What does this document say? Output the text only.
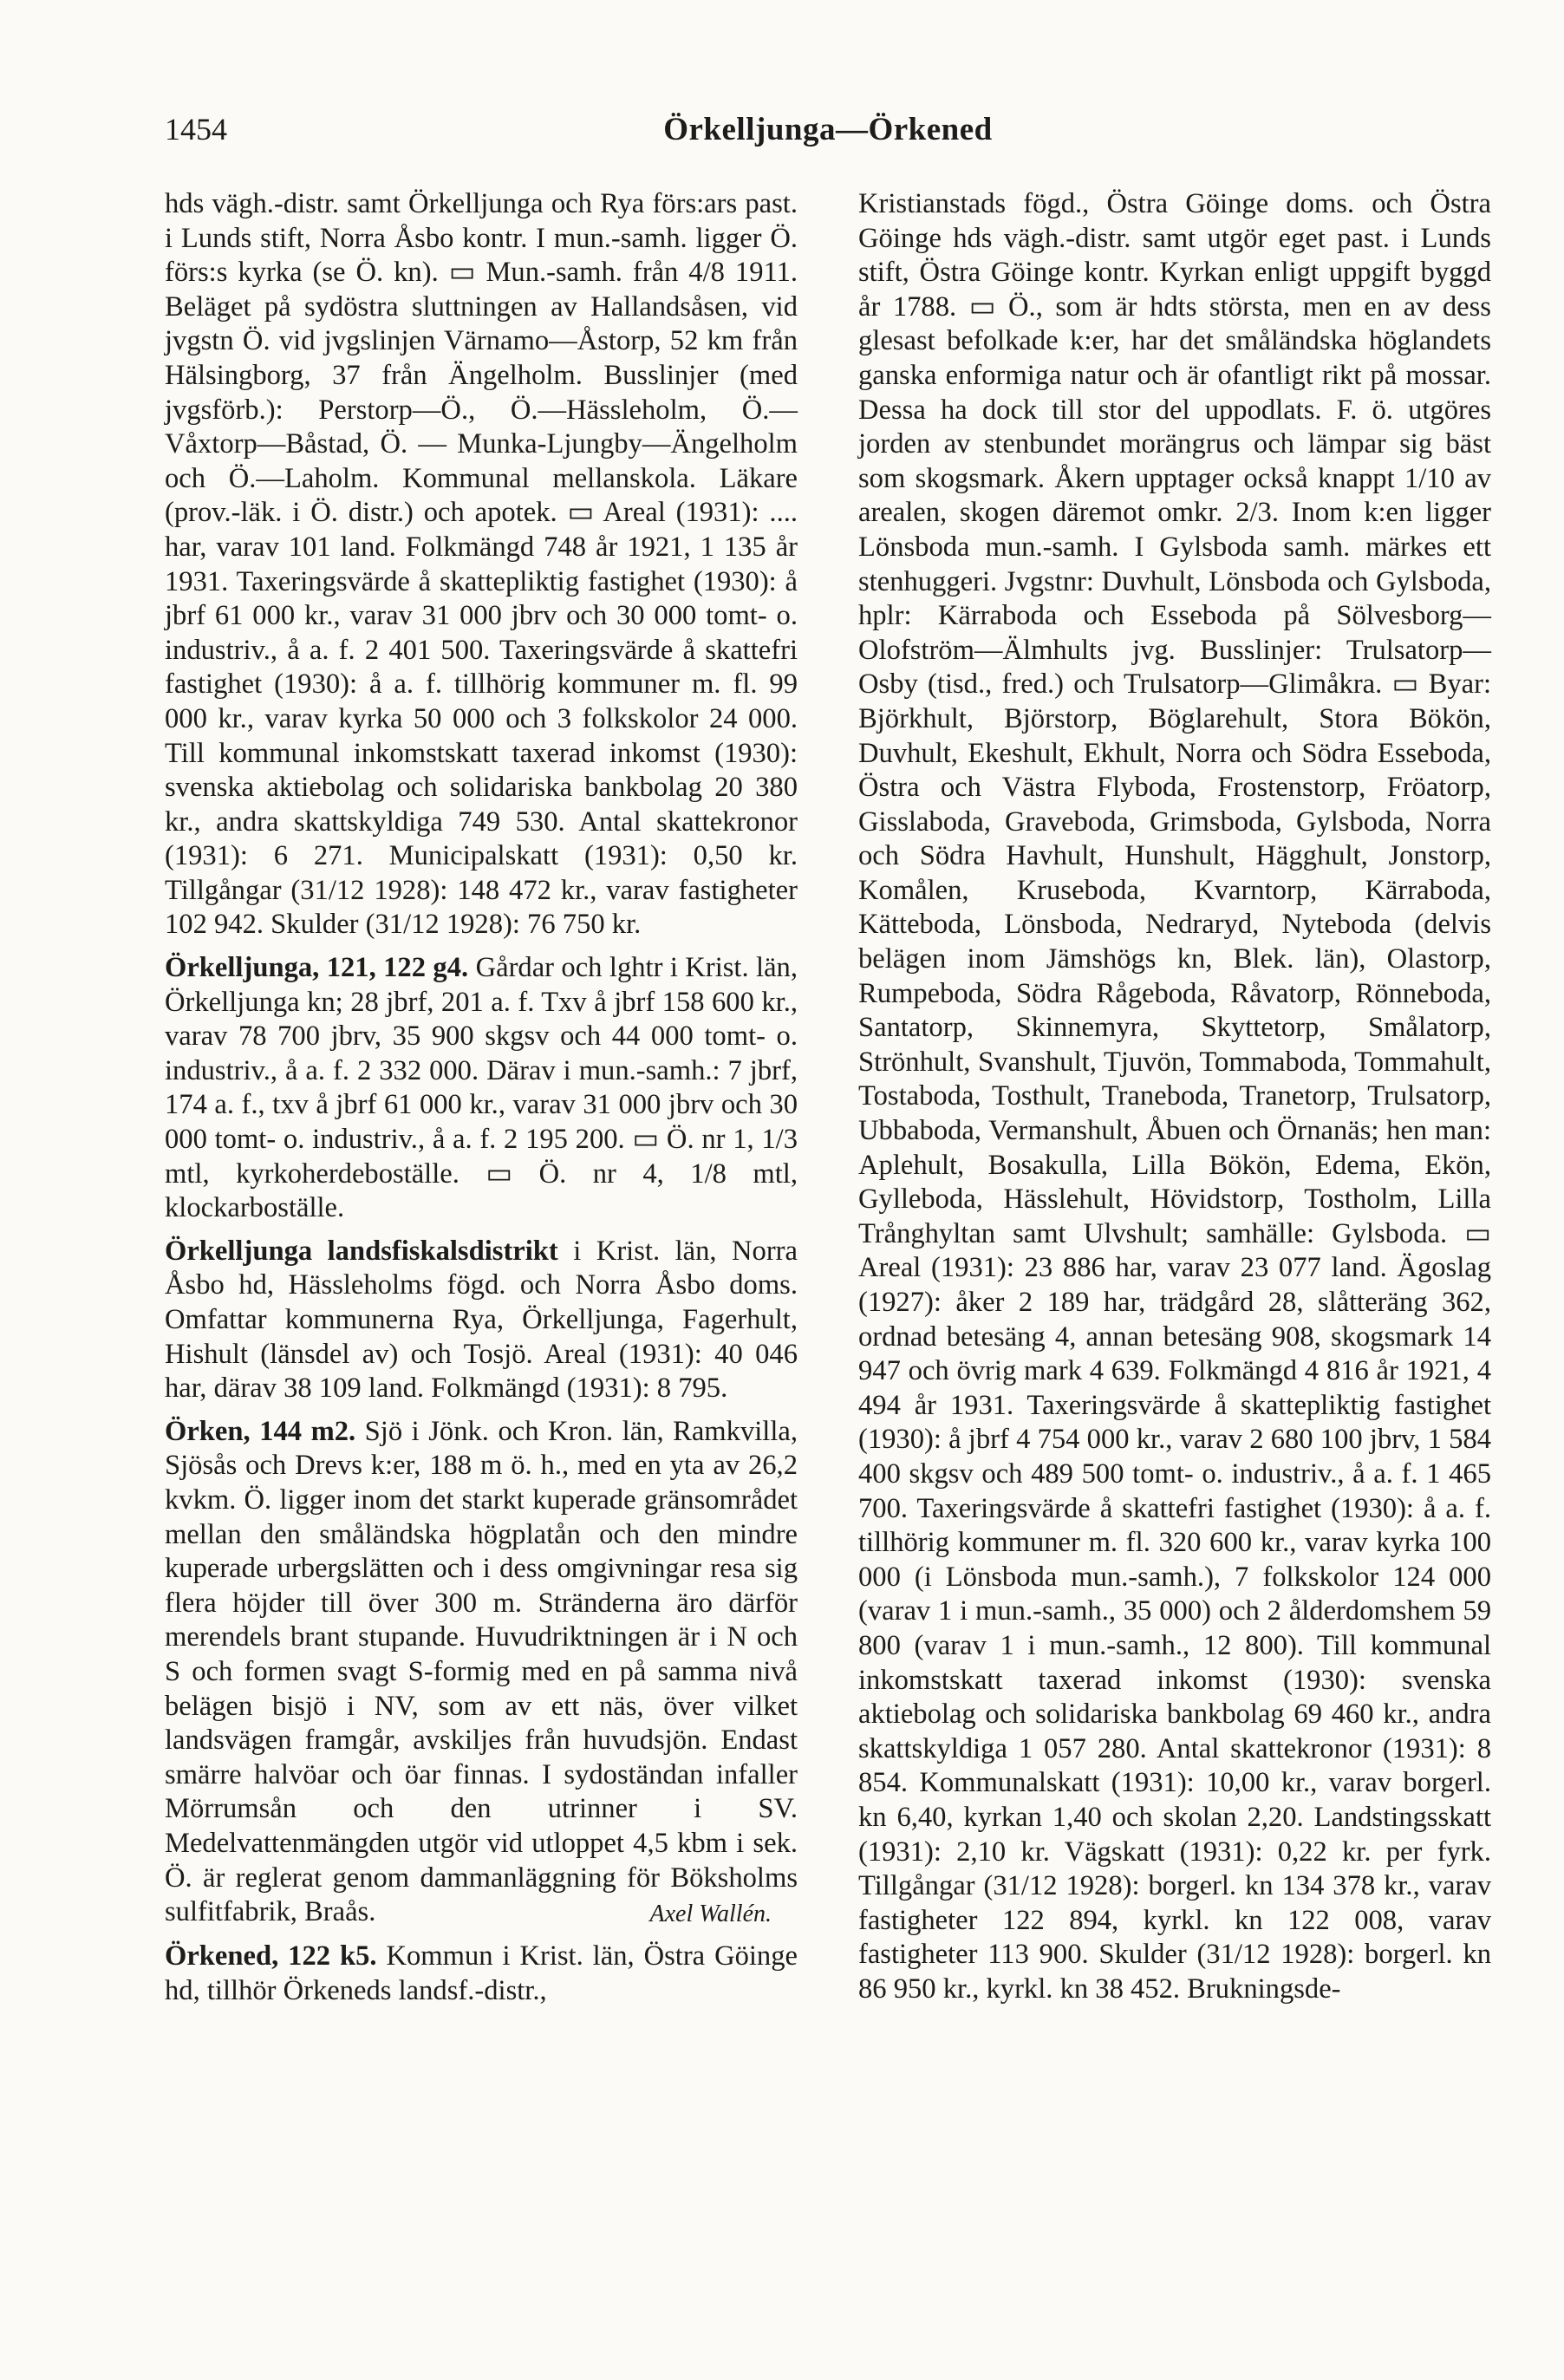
1454	Örkelljunga—Örkened

hds vägh.-distr. samt Örkelljunga och Rya förs:ars past. i Lunds stift, Norra Åsbo kontr. I mun.-samh. ligger Ö. förs:s kyrka (se Ö. kn). ▭ Mun.-samh. från 4/8 1911. Beläget på sydöstra sluttningen av Hallandsåsen, vid jvgstn Ö. vid jvgslinjen Värnamo—Åstorp, 52 km från Hälsingborg, 37 från Ängelholm. Busslinjer (med jvgsförb.): Perstorp—Ö., Ö.—Hässleholm, Ö.—Våxtorp—Båstad, Ö. — Munka-Ljungby—Ängelholm och Ö.—Laholm. Kommunal mellanskola. Läkare (prov.-läk. i Ö. distr.) och apotek. ▭ Areal (1931): .... har, varav 101 land. Folkmängd 748 år 1921, 1 135 år 1931. Taxeringsvärde å skattepliktig fastighet (1930): å jbrf 61 000 kr., varav 31 000 jbrv och 30 000 tomt- o. industriv., å a. f. 2 401 500. Taxeringsvärde å skattefri fastighet (1930): å a. f. tillhörig kommuner m. fl. 99 000 kr., varav kyrka 50 000 och 3 folkskolor 24 000. Till kommunal inkomstskatt taxerad inkomst (1930): svenska aktiebolag och solidariska bankbolag 20 380 kr., andra skattskyldiga 749 530. Antal skattekronor (1931): 6 271. Municipalskatt (1931): 0,50 kr. Tillgångar (31/12 1928): 148 472 kr., varav fastigheter 102 942. Skulder (31/12 1928): 76 750 kr.

Örkelljunga, 121, 122 g4. Gårdar och lghtr i Krist. län, Örkelljunga kn; 28 jbrf, 201 a. f. Txv å jbrf 158 600 kr., varav 78 700 jbrv, 35 900 skgsv och 44 000 tomt- o. industriv., å a. f. 2 332 000. Därav i mun.-samh.: 7 jbrf, 174 a. f., txv å jbrf 61 000 kr., varav 31 000 jbrv och 30 000 tomt- o. industriv., å a. f. 2 195 200. ▭ Ö. nr 1, 1/3 mtl, kyrkoherdeboställe. ▭ Ö. nr 4, 1/8 mtl, klockarboställe.

Örkelljunga landsfiskalsdistrikt i Krist. län, Norra Åsbo hd, Hässleholms fögd. och Norra Åsbo doms. Omfattar kommunerna Rya, Örkelljunga, Fagerhult, Hishult (länsdel av) och Tosjö. Areal (1931): 40 046 har, därav 38 109 land. Folkmängd (1931): 8 795.

Örken, 144 m2. Sjö i Jönk. och Kron. län, Ramkvilla, Sjösås och Drevs k:er, 188 m ö. h., med en yta av 26,2 kvkm. Ö. ligger inom det starkt kuperade gränsområdet mellan den småländska högplatån och den mindre kuperade urbergslätten och i dess omgivningar resa sig flera höjder till över 300 m. Stränderna äro därför merendels brant stupande. Huvudriktningen är i N och S och formen svagt S-formig med en på samma nivå belägen bisjö i NV, som av ett näs, över vilket landsvägen framgår, avskiljes från huvudsjön. Endast smärre halvöar och öar finnas. I sydoständan infaller Mörrumsån och den utrinner i SV. Medelvattenmängden utgör vid utloppet 4,5 kbm i sek. Ö. är reglerat genom dammanläggning för Böksholms sulfitfabrik, Braås.	Axel Wallén.

Örkened, 122 k5. Kommun i Krist. län, Östra Göinge hd, tillhör Örkeneds landsf.-distr.,

Kristianstads fögd., Östra Göinge doms. och Östra Göinge hds vägh.-distr. samt utgör eget past. i Lunds stift, Östra Göinge kontr. Kyrkan enligt uppgift byggd år 1788. ▭ Ö., som är hdts största, men en av dess glesast befolkade k:er, har det småländska höglandets ganska enformiga natur och är ofantligt rikt på mossar. Dessa ha dock till stor del uppodlats. F. ö. utgöres jorden av stenbundet morängrus och lämpar sig bäst som skogsmark. Åkern upptager också knappt 1/10 av arealen, skogen däremot omkr. 2/3. Inom k:en ligger Lönsboda mun.-samh. I Gylsboda samh. märkes ett stenhuggeri. Jvgstnr: Duvhult, Lönsboda och Gylsboda, hplr: Kärraboda och Esseboda på Sölvesborg—Olofström—Älmhults jvg. Busslinjer: Trulsatorp—Osby (tisd., fred.) och Trulsatorp—Glimåkra. ▭ Byar: Björkhult, Björstorp, Böglarehult, Stora Bökön, Duvhult, Ekeshult, Ekhult, Norra och Södra Esseboda, Östra och Västra Flyboda, Frostenstorp, Fröatorp, Gisslaboda, Graveboda, Grimsboda, Gylsboda, Norra och Södra Havhult, Hunshult, Hägghult, Jonstorp, Komålen, Kruseboda, Kvarntorp, Kärraboda, Kätteboda, Lönsboda, Nedraryd, Nyteboda (delvis belägen inom Jämshögs kn, Blek. län), Olastorp, Rumpeboda, Södra Rågeboda, Råvatorp, Rönneboda, Santatorp, Skinnemyra, Skyttetorp, Smålatorp, Strönhult, Svanshult, Tjuvön, Tommaboda, Tommahult, Tostaboda, Tosthult, Traneboda, Tranetorp, Trulsatorp, Ubbaboda, Vermanshult, Åbuen och Örnanäs; hen man: Aplehult, Bosakulla, Lilla Bökön, Edema, Ekön, Gylleboda, Hässlehult, Hövidstorp, Tostholm, Lilla Trånghyltan samt Ulvshult; samhälle: Gylsboda. ▭ Areal (1931): 23 886 har, varav 23 077 land. Ägoslag (1927): åker 2 189 har, trädgård 28, slåtteräng 362, ordnad betesäng 4, annan betesäng 908, skogsmark 14 947 och övrig mark 4 639. Folkmängd 4 816 år 1921, 4 494 år 1931. Taxeringsvärde å skattepliktig fastighet (1930): å jbrf 4 754 000 kr., varav 2 680 100 jbrv, 1 584 400 skgsv och 489 500 tomt- o. industriv., å a. f. 1 465 700. Taxeringsvärde å skattefri fastighet (1930): å a. f. tillhörig kommuner m. fl. 320 600 kr., varav kyrka 100 000 (i Lönsboda mun.-samh.), 7 folkskolor 124 000 (varav 1 i mun.-samh., 35 000) och 2 ålderdomshem 59 800 (varav 1 i mun.-samh., 12 800). Till kommunal inkomstskatt taxerad inkomst (1930): svenska aktiebolag och solidariska bankbolag 69 460 kr., andra skattskyldiga 1 057 280. Antal skattekronor (1931): 8 854. Kommunalskatt (1931): 10,00 kr., varav borgerl. kn 6,40, kyrkan 1,40 och skolan 2,20. Landstingsskatt (1931): 2,10 kr. Vägskatt (1931): 0,22 kr. per fyrk. Tillgångar (31/12 1928): borgerl. kn 134 378 kr., varav fastigheter 122 894, kyrkl. kn 122 008, varav fastigheter 113 900. Skulder (31/12 1928): borgerl. kn 86 950 kr., kyrkl. kn 38 452. Brukningsde-
